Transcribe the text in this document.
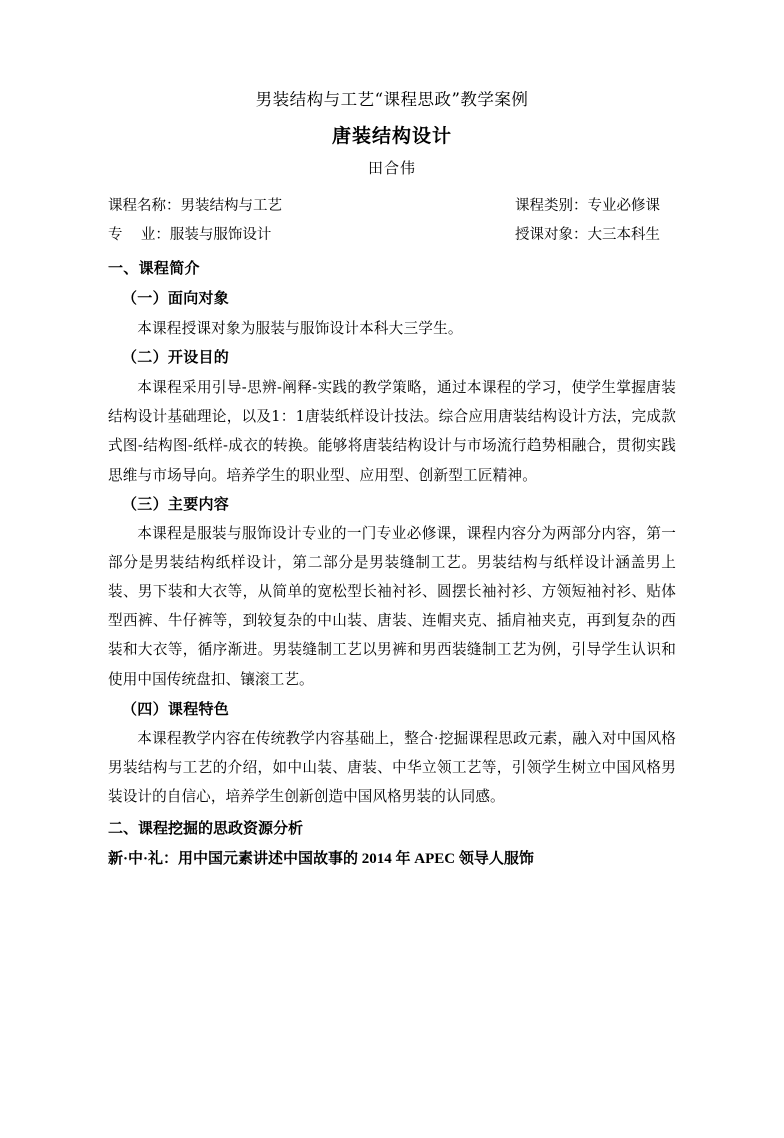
男装结构与工艺“课程思政”教学案例
唐装结构设计
田合伟
课程名称：男装结构与工艺	课程类别：专业必修课
专    业：服装与服饰设计	授课对象：大三本科生
一、课程简介
（一）面向对象

本课程授课对象为服装与服饰设计本科大三学生。

（二）开设目的

本课程采用引导-思辨-阐释-实践的教学策略，通过本课程的学习，使学生掌握唐装结构设计基础理论，以及1：1唐装纸样设计技法。综合应用唐装结构设计方法，完成款式图-结构图-纸样-成衣的转换。能够将唐装结构设计与市场流行趋势相融合，贯彻实践思维与市场导向。培养学生的职业型、应用型、创新型工匠精神。

（三）主要内容

本课程是服装与服饰设计专业的一门专业必修课，课程内容分为两部分内容，第一部分是男装结构纸样设计，第二部分是男装缝制工艺。男装结构与纸样设计涵盖男上装、男下装和大衣等，从简单的宽松型长袖衬衫、圆摆长袖衬衫、方领短袖衬衫、贴体型西裤、牛仔裤等，到较复杂的中山装、唐装、连帽夹克、插肩袖夹克，再到复杂的西装和大衣等，循序渐进。男装缝制工艺以男裤和男西装缝制工艺为例，引导学生认识和使用中国传统盘扣、镶滚工艺。

（四）课程特色

本课程教学内容在传统教学内容基础上，整合·挖掘课程思政元素，融入对中国风格男装结构与工艺的介绍，如中山装、唐装、中华立领工艺等，引领学生树立中国风格男装设计的自信心，培养学生创新创造中国风格男装的认同感。

二、课程挖掘的思政资源分析
新·中·礼：用中国元素讲述中国故事的 2014 年 APEC 领导人服饰
